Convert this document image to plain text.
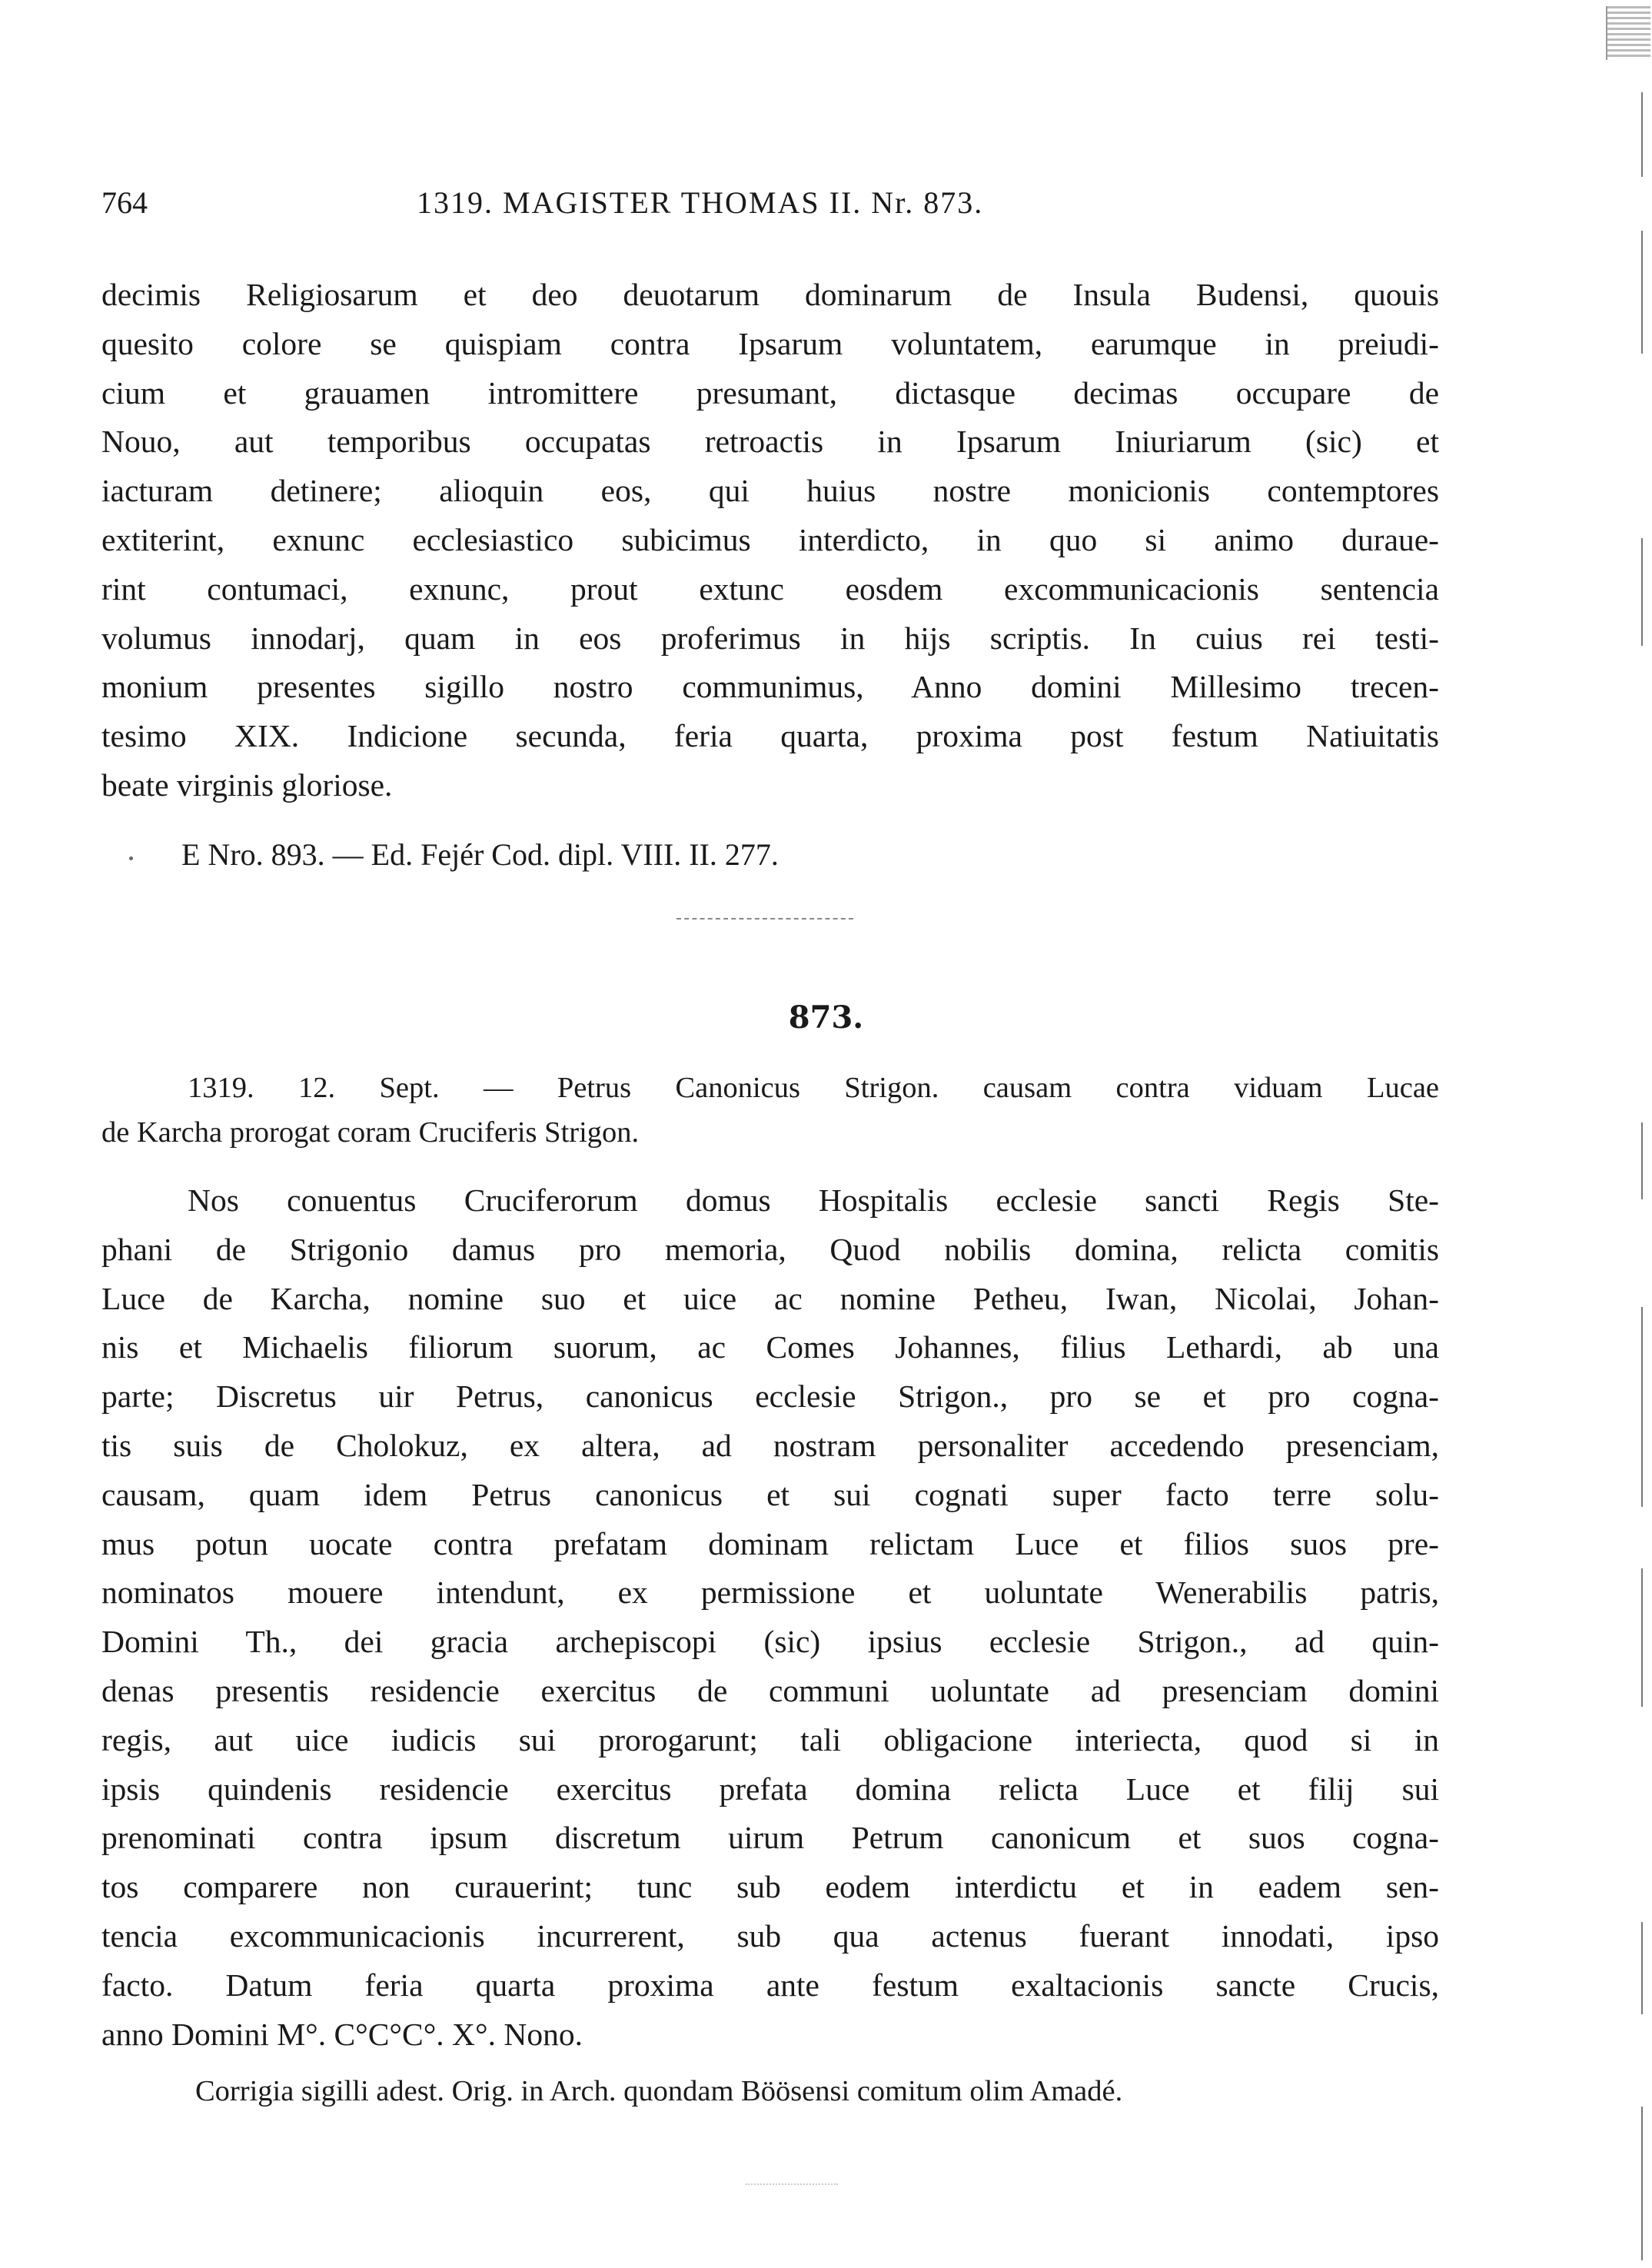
764	1319. MAGISTER THOMAS II. Nr. 873.
decimis Religiosarum et deo deuotarum dominarum de Insula Budensi, quouis
quesito colore se quispiam contra Ipsarum voluntatem, earumque in preiudi-
cium et grauamen intromittere presumant, dictasque decimas occupare de
Nouo, aut temporibus occupatas retroactis in Ipsarum Iniuriarum (sic) et
iacturam detinere; alioquin eos, qui huius nostre monicionis contemptores
extiterint, exnunc ecclesiastico subicimus interdicto, in quo si animo duraue-
rint contumaci, exnunc, prout extunc eosdem excommunicacionis sentencia
volumus innodarj, quam in eos proferimus in hijs scriptis. In cuius rei testi-
monium presentes sigillo nostro communimus, Anno domini Millesimo trecen-
tesimo XIX. Indicione secunda, feria quarta, proxima post festum Natiuitatis
beate virginis gloriose.
E Nro. 893. — Ed. Fejér Cod. dipl. VIII. II. 277.
873.
1319. 12. Sept. — Petrus Canonicus Strigon. causam contra viduam Lucae
de Karcha prorogat coram Cruciferis Strigon.
Nos conuentus Cruciferorum domus Hospitalis ecclesie sancti Regis Ste-
phani de Strigonio damus pro memoria, Quod nobilis domina, relicta comitis
Luce de Karcha, nomine suo et uice ac nomine Petheu, Iwan, Nicolai, Johan-
nis et Michaelis filiorum suorum, ac Comes Johannes, filius Lethardi, ab una
parte; Discretus uir Petrus, canonicus ecclesie Strigon., pro se et pro cogna-
tis suis de Cholokuz, ex altera, ad nostram personaliter accedendo presenciam,
causam, quam idem Petrus canonicus et sui cognati super facto terre solu-
mus potun uocate contra prefatam dominam relictam Luce et filios suos pre-
nominatos mouere intendunt, ex permissione et uoluntate Wenerabilis patris,
Domini Th., dei gracia archepiscopi (sic) ipsius ecclesie Strigon., ad quin-
denas presentis residencie exercitus de communi uoluntate ad presenciam domini
regis, aut uice iudicis sui prorogarunt; tali obligacione interiecta, quod si in
ipsis quindenis residencie exercitus prefata domina relicta Luce et filij sui
prenominati contra ipsum discretum uirum Petrum canonicum et suos cogna-
tos comparere non curauerint; tunc sub eodem interdictu et in eadem sen-
tencia excommunicacionis incurrerent, sub qua actenus fuerant innodati, ipso
facto. Datum feria quarta proxima ante festum exaltacionis sancte Crucis,
anno Domini M°. C°C°C°. X°. Nono.
Corrigia sigilli adest. Orig. in Arch. quondam Böösensi comitum olim Amadé.
